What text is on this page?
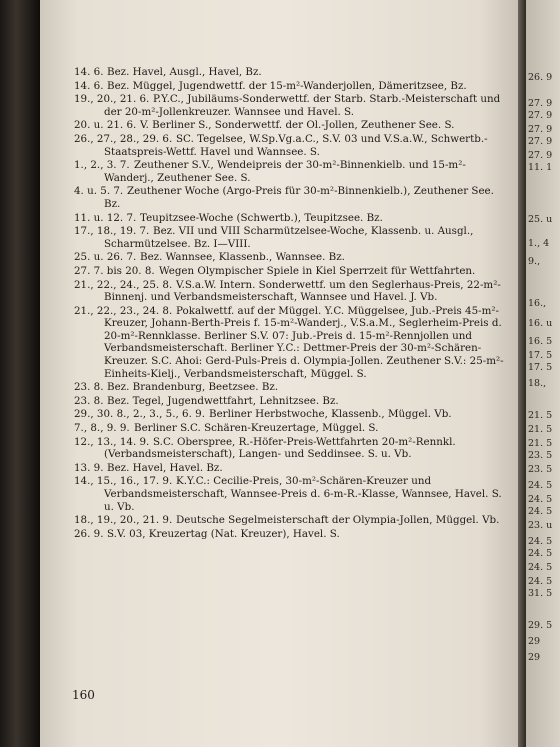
26. 9
27. 9
27. 9
27. 9
27. 9
27. 9
11. 1
25. u
1., 4
9.,
16.,
16. u
16. 5
17. 5
17. 5
18.,
21. 5
21. 5
21. 5
23. 5
23. 5
24. 5
24. 5
24. 5
23. u
24. 5
24. 5
24. 5
24. 5
31. 5
29. 5
29
29
14. 6. Bez. Havel, Ausgl., Havel, Bz.
14. 6. Bez. Müggel, Jugendwettf. der 15-m²-Wanderjollen, Dämeritzsee, Bz.
19., 20., 21. 6. P.Y.C., Jubiläums-Sonderwettf. der Starb. Starb.-Meisterschaft und der 20-m²-Jollenkreuzer. Wannsee und Havel. S.
20. u. 21. 6. V. Berliner S., Sonderwettf. der Ol.-Jollen, Zeuthener See. S.
26., 27., 28., 29. 6. SC. Tegelsee, W.Sp.Vg.a.C., S.V. 03 und V.S.a.W., Schwertb.-Staatspreis-Wettf. Havel und Wannsee. S.
1., 2., 3. 7. Zeuthener S.V., Wendeipreis der 30-m²-Binnenkielb. und 15-m²-Wanderj., Zeuthener See. S.
4. u. 5. 7. Zeuthener Woche (Argo-Preis für 30-m²-Binnenkielb.), Zeuthener See. Bz.
11. u. 12. 7. Teupitzsee-Woche (Schwertb.), Teupitzsee. Bz.
17., 18., 19. 7. Bez. VII und VIII Scharmützelsee-Woche, Klassenb. u. Ausgl., Scharmützelsee. Bz. I—VIII.
25. u. 26. 7. Bez. Wannsee, Klassenb., Wannsee. Bz.
27. 7. bis 20. 8. Wegen Olympischer Spiele in Kiel Sperrzeit für Wettfahrten.
21., 22., 24., 25. 8. V.S.a.W. Intern. Sonderwettf. um den Seglerhaus-Preis, 22-m²-Binnenj. und Verbandsmeisterschaft, Wannsee und Havel. J. Vb.
21., 22., 23., 24. 8. Pokalwettf. auf der Müggel. Y.C. Müggelsee, Jub.-Preis 45-m²-Kreuzer, Johann-Berth-Preis f. 15-m²-Wanderj., V.S.a.M., Seglerheim-Preis d. 20-m²-Rennklasse. Berliner S.V. 07: Jub.-Preis d. 15-m²-Rennjollen und Verbandsmeisterschaft. Berliner Y.C.: Dettmer-Preis der 30-m²-Schären-Kreuzer. S.C. Ahoi: Gerd-Puls-Preis d. Olympia-Jollen. Zeuthener S.V.: 25-m²-Einheits-Kielj., Verbandsmeisterschaft, Müggel. S.
23. 8. Bez. Brandenburg, Beetzsee. Bz.
23. 8. Bez. Tegel, Jugendwettfahrt, Lehnitzsee. Bz.
29., 30. 8., 2., 3., 5., 6. 9. Berliner Herbstwoche, Klassenb., Müggel. Vb.
7., 8., 9. 9. Berliner S.C. Schären-Kreuzertage, Müggel. S.
12., 13., 14. 9. S.C. Oberspree, R.-Höfer-Preis-Wettfahrten 20-m²-Rennkl. (Verbandsmeisterschaft), Langen- und Seddinsee. S. u. Vb.
13. 9. Bez. Havel, Havel. Bz.
14., 15., 16., 17. 9. K.Y.C.: Cecilie-Preis, 30-m²-Schären-Kreuzer und Verbandsmeisterschaft, Wannsee-Preis d. 6-m-R.-Klasse, Wannsee, Havel. S. u. Vb.
18., 19., 20., 21. 9. Deutsche Segelmeisterschaft der Olympia-Jollen, Müggel. Vb.
26. 9. S.V. 03, Kreuzertag (Nat. Kreuzer), Havel. S.
160
